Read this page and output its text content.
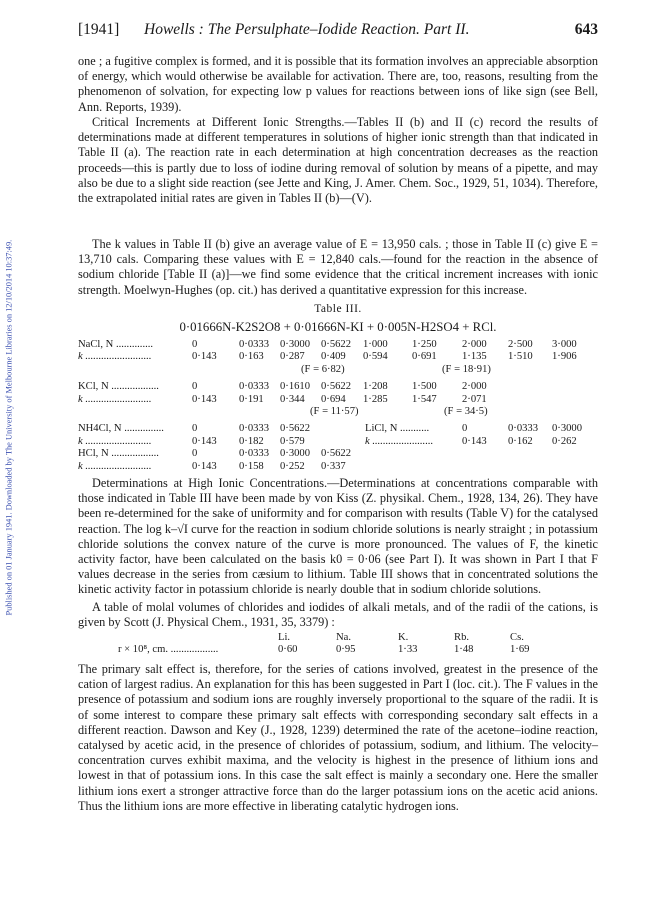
Published on 01 January 1941. Downloaded by The University of Melbourne Libraries on 12/10/2014 10:37:49.
[1941] Howells : The Persulphate–Iodide Reaction. Part II.	643

one ; a fugitive complex is formed, and it is possible that its formation involves an appreciable absorption of energy, which would otherwise be available for activation. There are, too, reasons, resulting from the phenomenon of solvation, for expecting low p values for reactions between ions of like sign (see Bell, Ann. Reports, 1939).

Critical Increments at Different Ionic Strengths.—Tables II (b) and II (c) record the results of determinations made at different temperatures in solutions of higher ionic strength than that indicated in Table II (a). The reaction rate in each determination at high concentration decreases as the reaction proceeds—this is partly due to loss of iodine during removal of solution by means of a pipette, and may also be due to a slight side reaction (see Jette and King, J. Amer. Chem. Soc., 1929, 51, 1034). Therefore, the extrapolated initial rates are given in Tables II (b)—(V).

The k values in Table II (b) give an average value of E = 13,950 cals. ; those in Table II (c) give E = 13,710 cals. Comparing these values with E = 12,840 cals.—found for the reaction in the absence of sodium chloride [Table II (a)]—we find some evidence that the critical increment increases with ionic strength. Moelwyn-Hughes (op. cit.) has derived a quantitative expression for this increase.

Table III.

0·01666N-K2S2O8 + 0·01666N-KI + 0·005N-H2SO4 + RCl.

NaCl, N ..............	0	0·0333 0·3000 0·5622 1·000 1·250 2·000 2·500 3·000
k .........................	0·143 0·163 0·287 0·409 0·594 0·691 1·135 1·510 1·906
(F = 6·82)	(F = 18·91)
KCl, N ..................	0	0·0333 0·1610 0·5622 1·208 1·500 2·000
k .........................	0·143 0·191 0·344 0·694 1·285 1·547 2·071
(F = 11·57)	(F = 34·5)
NH4Cl, N ...............	0	0·0333 0·5622	LiCl, N ...........	0	0·0333 0·3000
k .........................	0·143 0·182 0·579	k .......................	0·143 0·162 0·262
HCl, N ..................	0	0·0333 0·3000 0·5622
k .........................	0·143 0·158 0·252 0·337

Determinations at High Ionic Concentrations.—Determinations at concentrations comparable with those indicated in Table III have been made by von Kiss (Z. physikal. Chem., 1928, 134, 26). They have been re-determined for the sake of uniformity and for comparison with results (Table V) for the catalysed reaction. The log k–√I curve for the reaction in sodium chloride solutions is nearly straight ; in potassium chloride solutions the convex nature of the curve is more pronounced. The values of F, the kinetic activity factor, have been calculated on the basis k0 = 0·06 (see Part I). It was shown in Part I that F values decrease in the series from cæsium to lithium. Table III shows that in concentrated solutions the kinetic activity factor in potassium chloride is nearly double that in sodium chloride solutions.

A table of molal volumes of chlorides and iodides of alkali metals, and of the radii of the cations, is given by Scott (J. Physical Chem., 1931, 35, 3379) :

Li.	Na.	K.	Rb.	Cs.
r × 10⁸, cm. ..................	0·60	0·95	1·33	1·48	1·69

The primary salt effect is, therefore, for the series of cations involved, greatest in the presence of the cation of largest radius. An explanation for this has been suggested in Part I (loc. cit.). The F values in the presence of potassium and sodium ions are roughly inversely proportional to the square of the radii. It is of some interest to compare these primary salt effects with corresponding secondary salt effects in a different reaction. Dawson and Key (J., 1928, 1239) determined the rate of the acetone–iodine reaction, catalysed by acetic acid, in the presence of chlorides of potassium, sodium, and lithium. The velocity–concentration curves exhibit maxima, and the velocity is highest in the presence of lithium ions and lowest in that of potassium ions. In this case the salt effect is mainly a secondary one. Here the smaller lithium ions exert a stronger attractive force than do the larger potassium ions on the acetic acid anions. Thus the lithium ions are more effective in liberating catalytic hydrogen ions.
